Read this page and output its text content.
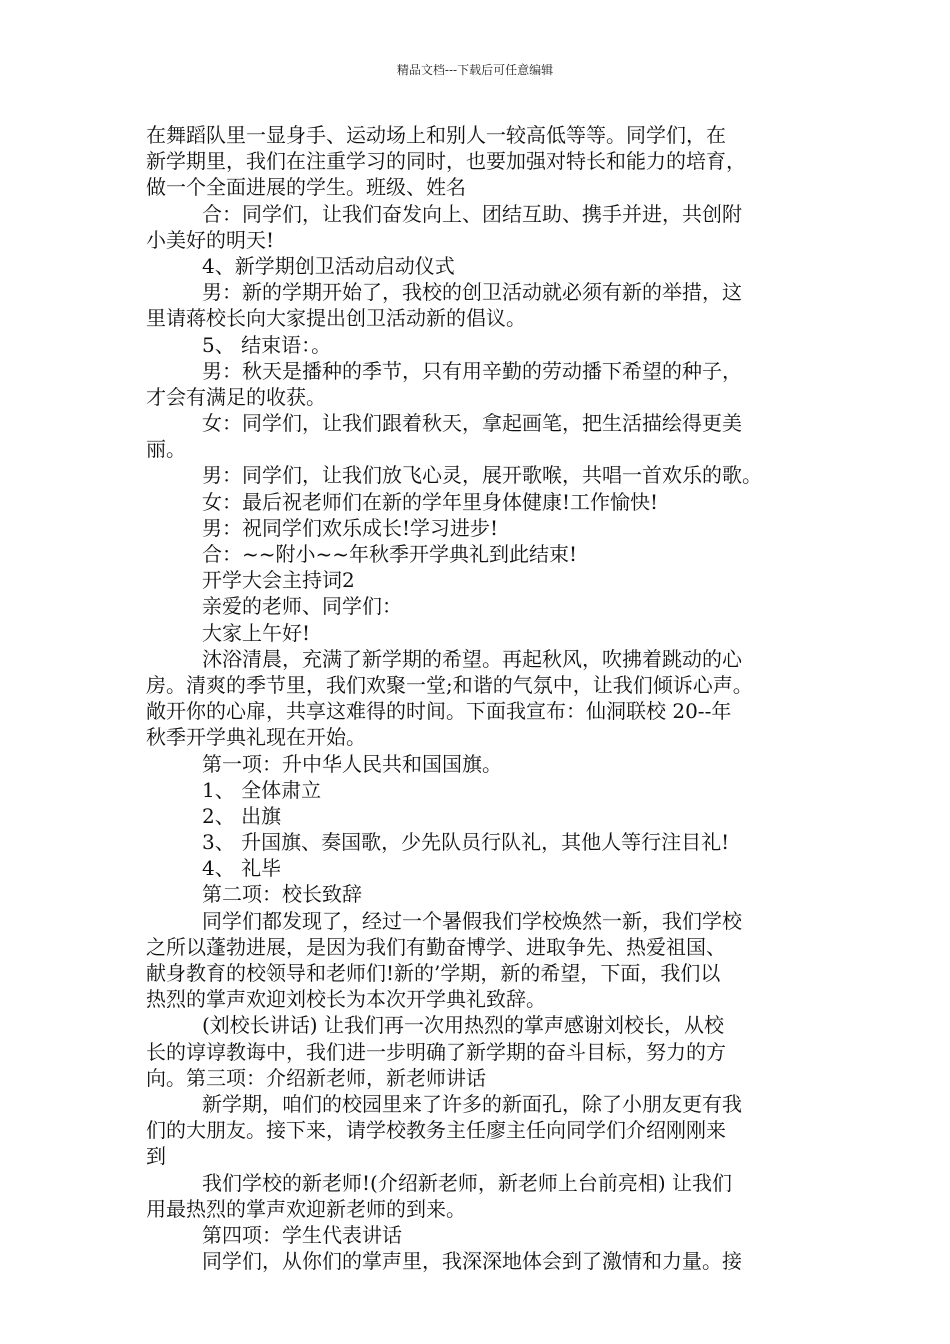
精品文档---下载后可任意编辑
在舞蹈队里一显身手、运动场上和别人一较高低等等。同学们，在
新学期里，我们在注重学习的同时，也要加强对特长和能力的培育，
做一个全面进展的学生。班级、姓名
合：同学们，让我们奋发向上、团结互助、携手并进，共创附
小美好的明天!
4、新学期创卫活动启动仪式
男：新的学期开始了，我校的创卫活动就必须有新的举措，这
里请蒋校长向大家提出创卫活动新的倡议。
5、 结束语：。
男：秋天是播种的季节，只有用辛勤的劳动播下希望的种子，
才会有满足的收获。
女：同学们，让我们跟着秋天，拿起画笔，把生活描绘得更美
丽。
男：同学们，让我们放飞心灵，展开歌喉，共唱一首欢乐的歌。
女：最后祝老师们在新的学年里身体健康!工作愉快!
男：祝同学们欢乐成长!学习进步!
合：~~附小~~年秋季开学典礼到此结束!
开学大会主持词2
亲爱的老师、同学们：
大家上午好!
沐浴清晨，充满了新学期的希望。再起秋风，吹拂着跳动的心
房。清爽的季节里，我们欢聚一堂;和谐的气氛中，让我们倾诉心声。
敞开你的心扉，共享这难得的时间。下面我宣布：仙洞联校 20--年
秋季开学典礼现在开始。
第一项：升中华人民共和国国旗。
1、 全体肃立
2、 出旗
3、 升国旗、奏国歌，少先队员行队礼，其他人等行注目礼!
4、 礼毕
第二项：校长致辞
同学们都发现了，经过一个暑假我们学校焕然一新，我们学校
之所以蓬勃进展，是因为我们有勤奋博学、进取争先、热爱祖国、
献身教育的校领导和老师们!新的’学期，新的希望，下面，我们以
热烈的掌声欢迎刘校长为本次开学典礼致辞。
(刘校长讲话) 让我们再一次用热烈的掌声感谢刘校长，从校
长的谆谆教诲中，我们进一步明确了新学期的奋斗目标，努力的方
向。第三项：介绍新老师，新老师讲话
新学期，咱们的校园里来了许多的新面孔，除了小朋友更有我
们的大朋友。接下来，请学校教务主任廖主任向同学们介绍刚刚来
到
我们学校的新老师!(介绍新老师，新老师上台前亮相) 让我们
用最热烈的掌声欢迎新老师的到来。
第四项：学生代表讲话
同学们，从你们的掌声里，我深深地体会到了激情和力量。接
